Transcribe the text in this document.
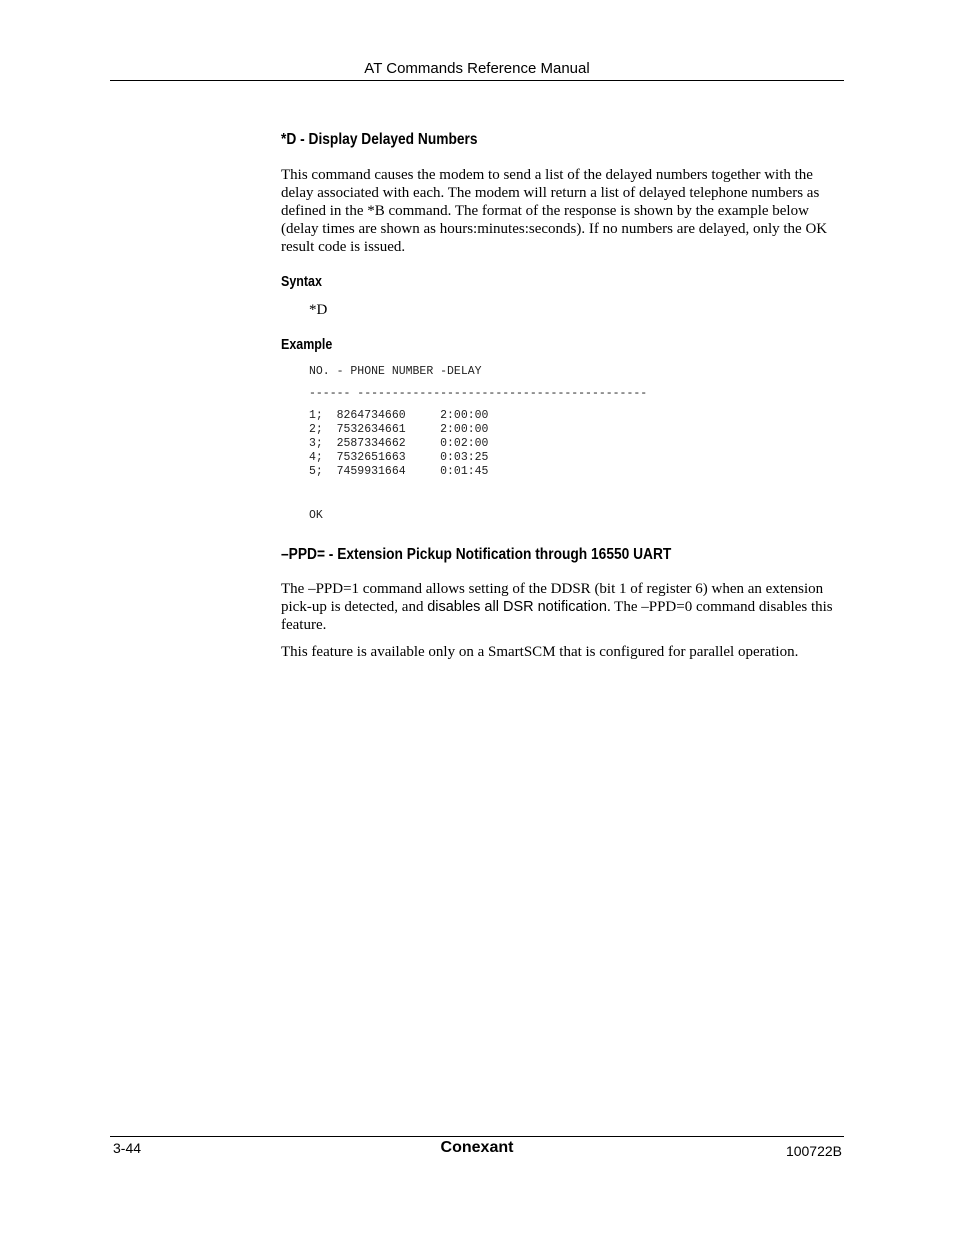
AT Commands Reference Manual
*D - Display Delayed Numbers

This command causes the modem to send a list of the delayed numbers together with the delay associated with each. The modem will return a list of delayed telephone numbers as defined in the *B command. The format of the response is shown by the example below (delay times are shown as hours:minutes:seconds). If no numbers are delayed, only the OK result code is issued.

Syntax
*D
Example
NO. - PHONE NUMBER -DELAY
------ ------------------------------------------
1;  8264734660     2:00:00
2;  7532634661     2:00:00
3;  2587334662     0:02:00
4;  7532651663     0:03:25
5;  7459931664     0:01:45
OK
–PPD= - Extension Pickup Notification through 16550 UART

The –PPD=1 command allows setting of the DDSR (bit 1 of register 6) when an extension pick-up is detected, and disables all DSR notification. The –PPD=0 command disables this feature.

This feature is available only on a SmartSCM that is configured for parallel operation.

3-44	Conexant	100722B
